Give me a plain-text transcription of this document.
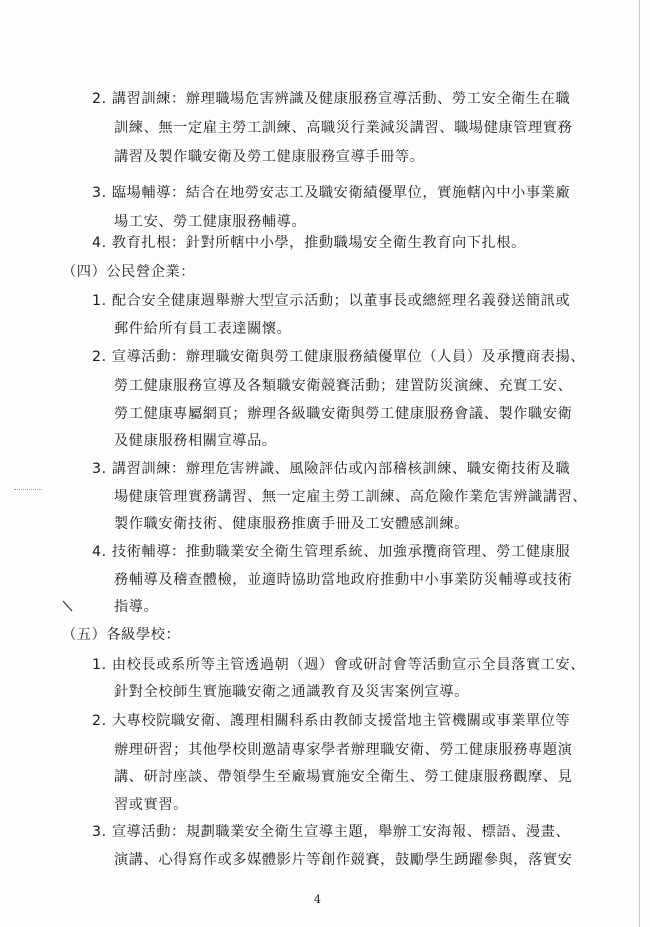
2. 講習訓練：辦理職場危害辨識及健康服務宣導活動、勞工安全衛生在職
訓練、無一定雇主勞工訓練、高職災行業減災講習、職場健康管理實務
講習及製作職安衛及勞工健康服務宣導手冊等。
3. 臨場輔導：結合在地勞安志工及職安衛績優單位，實施轄內中小事業廠
場工安、勞工健康服務輔導。
4. 教育扎根：針對所轄中小學，推動職場安全衛生教育向下扎根。
（四）公民營企業：
1. 配合安全健康週舉辦大型宣示活動；以董事長或總經理名義發送簡訊或
郵件給所有員工表達關懷。
2. 宣導活動：辦理職安衛與勞工健康服務績優單位（人員）及承攬商表揚、
勞工健康服務宣導及各類職安衛競賽活動；建置防災演練、充實工安、
勞工健康專屬網頁；辦理各級職安衛與勞工健康服務會議、製作職安衛
及健康服務相關宣導品。
3. 講習訓練：辦理危害辨識、風險評估或內部稽核訓練、職安衛技術及職
場健康管理實務講習、無一定雇主勞工訓練、高危險作業危害辨識講習、
製作職安衛技術、健康服務推廣手冊及工安體感訓練。
4. 技術輔導：推動職業安全衛生管理系統、加強承攬商管理、勞工健康服
務輔導及稽查體檢，並適時協助當地政府推動中小事業防災輔導或技術
指導。
（五）各級學校：
1. 由校長或系所等主管透過朝（週）會或研討會等活動宣示全員落實工安、
針對全校師生實施職安衛之通識教育及災害案例宣導。
2. 大專校院職安衛、護理相關科系由教師支援當地主管機關或事業單位等
辦理研習；其他學校則邀請專家學者辦理職安衛、勞工健康服務專題演
講、研討座談、帶領學生至廠場實施安全衛生、勞工健康服務觀摩、見
習或實習。
3. 宣導活動：規劃職業安全衛生宣導主題，舉辦工安海報、標語、漫畫、
演講、心得寫作或多媒體影片等創作競賽，鼓勵學生踴躍參與，落實安
4
